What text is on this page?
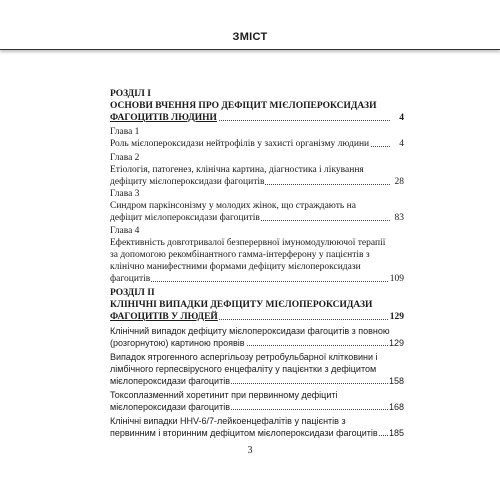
ЗМІСТ
РОЗДІЛ I
ОСНОВИ ВЧЕННЯ ПРО ДЕФІЦИТ МІЄЛОПЕРОКСИДАЗИ
ФАГОЦИТІВ ЛЮДИНИ	4
Глава 1
Роль мієлопероксидази нейтрофілів у захисті організму людини	4
Глава 2
Етіологія, патогенез, клінічна картина, діагностика і лікування
дефіциту мієлопероксидази фагоцитів	28
Глава 3
Синдром паркінсонізму у молодих жінок, що страждають на
дефіцит мієлопероксидази фагоцитів	83
Глава 4
Ефективність довготривалої безперервної імуномодулюючої терапії
за допомогою рекомбінантного гамма-інтерферону у пацієнтів з
клінічно манифестними формами дефіциту мієлопероксидази
фагоцитів	109
РОЗДІЛ II
КЛІНІЧНІ ВИПАДКИ ДЕФІЦИТУ МІЄЛОПЕРОКСИДАЗИ
ФАГОЦИТІВ У ЛЮДЕЙ	129
Клінічний випадок дефіциту мієлопероксидази фагоцитів з повною
(розгорнутою) картиною проявів	129
Випадок ятрогенного аспергільозу ретробульбарної клітковини і
лімбічного герпесвірусного енцефаліту у пацієнтки з дефіцитом
мієлопероксидази фагоцитів	158
Токсоплазменний хоретинит при первинному дефіциті
мієлопероксидази фагоцитів	168
Клінічні випадки HHV-6/7-лейкоенцефалітів у пацієнтів з
первинним і вторинним дефіцитом мієлопероксидази фагоцитів 185
3
